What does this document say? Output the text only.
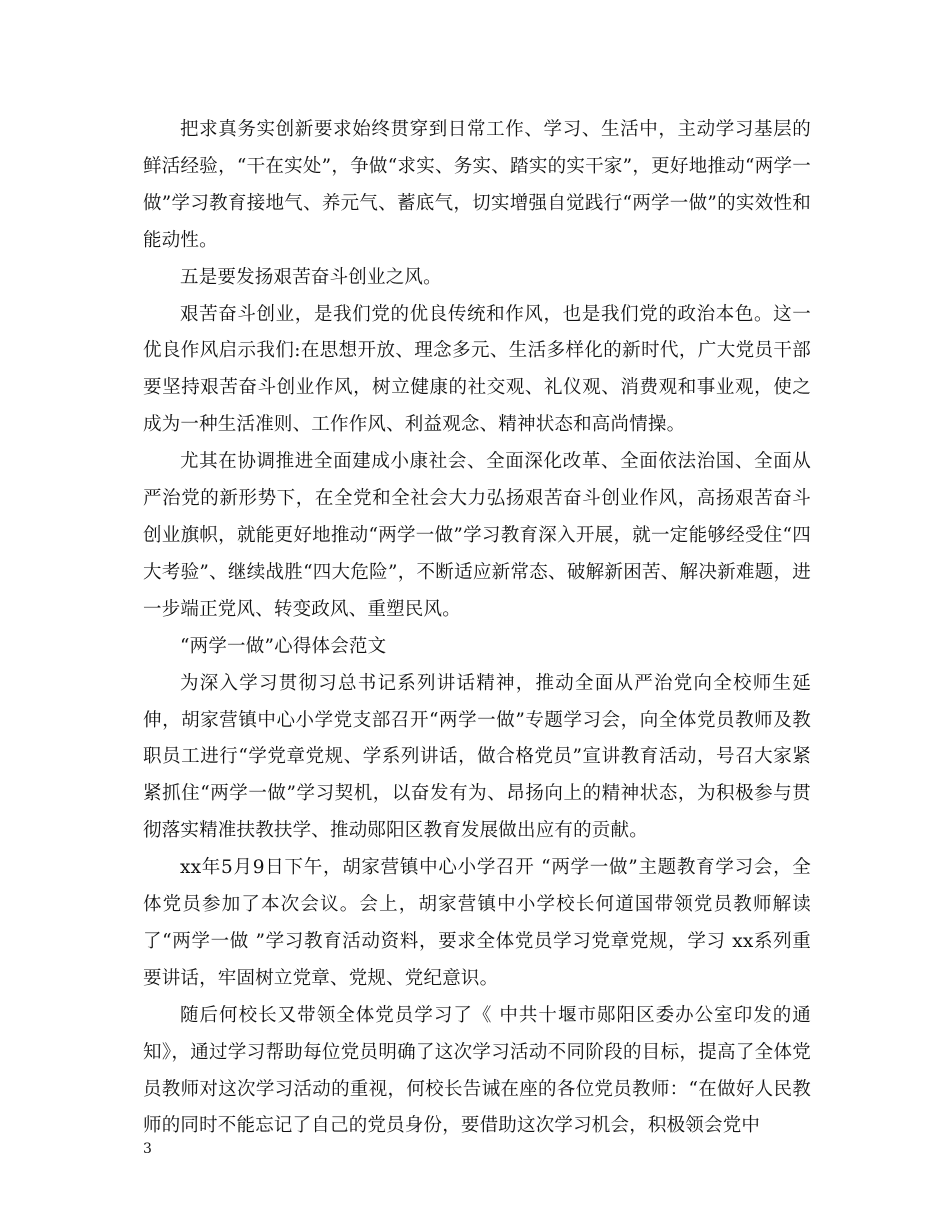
把求真务实创新要求始终贯穿到日常工作、学习、生活中，主动学习基层的鲜活经验，“干在实处”，争做“求实、务实、踏实的实干家”，更好地推动“两学一做”学习教育接地气、养元气、蓄底气，切实增强自觉践行“两学一做”的实效性和能动性。

五是要发扬艰苦奋斗创业之风。

艰苦奋斗创业，是我们党的优良传统和作风，也是我们党的政治本色。这一优良作风启示我们:在思想开放、理念多元、生活多样化的新时代，广大党员干部要坚持艰苦奋斗创业作风，树立健康的社交观、礼仪观、消费观和事业观，使之成为一种生活准则、工作作风、利益观念、精神状态和高尚情操。

尤其在协调推进全面建成小康社会、全面深化改革、全面依法治国、全面从严治党的新形势下，在全党和全社会大力弘扬艰苦奋斗创业作风，高扬艰苦奋斗创业旗帜，就能更好地推动“两学一做”学习教育深入开展，就一定能够经受住“四大考验”、继续战胜“四大危险”，不断适应新常态、破解新困苦、解决新难题，进一步端正党风、转变政风、重塑民风。

“两学一做”心得体会范文

为深入学习贯彻习总书记系列讲话精神，推动全面从严治党向全校师生延伸，胡家营镇中心小学党支部召开“两学一做”专题学习会，向全体党员教师及教职员工进行“学党章党规、学系列讲话，做合格党员”宣讲教育活动，号召大家紧紧抓住“两学一做”学习契机，以奋发有为、昂扬向上的精神状态，为积极参与贯彻落实精准扶教扶学、推动郧阳区教育发展做出应有的贡献。

xx年5月9日下午，胡家营镇中心小学召开 “两学一做”主题教育学习会，全体党员参加了本次会议。会上，胡家营镇中小学校长何道国带领党员教师解读了“两学一做 ”学习教育活动资料，要求全体党员学习党章党规，学习 xx系列重要讲话，牢固树立党章、党规、党纪意识。

随后何校长又带领全体党员学习了《 中共十堰市郧阳区委办公室印发的通知》，通过学习帮助每位党员明确了这次学习活动不同阶段的目标，提高了全体党员教师对这次学习活动的重视，何校长告诫在座的各位党员教师：“在做好人民教师的同时不能忘记了自己的党员身份，要借助这次学习机会，积极领会党中

3
